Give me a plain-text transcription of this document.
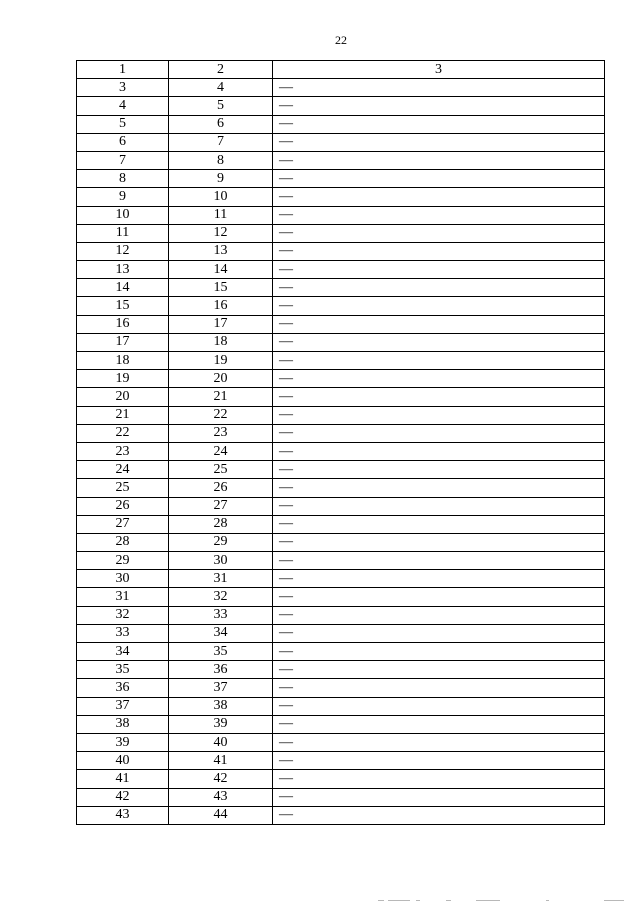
22
1	2	3
3	4	—
4	5	—
5	6	—
6	7	—
7	8	—
8	9	—
9	10	—
10	11	—
11	12	—
12	13	—
13	14	—
14	15	—
15	16	—
16	17	—
17	18	—
18	19	—
19	20	—
20	21	—
21	22	—
22	23	—
23	24	—
24	25	—
25	26	—
26	27	—
27	28	—
28	29	—
29	30	—
30	31	—
31	32	—
32	33	—
33	34	—
34	35	—
35	36	—
36	37	—
37	38	—
38	39	—
39	40	—
40	41	—
41	42	—
42	43	—
43	44	—
